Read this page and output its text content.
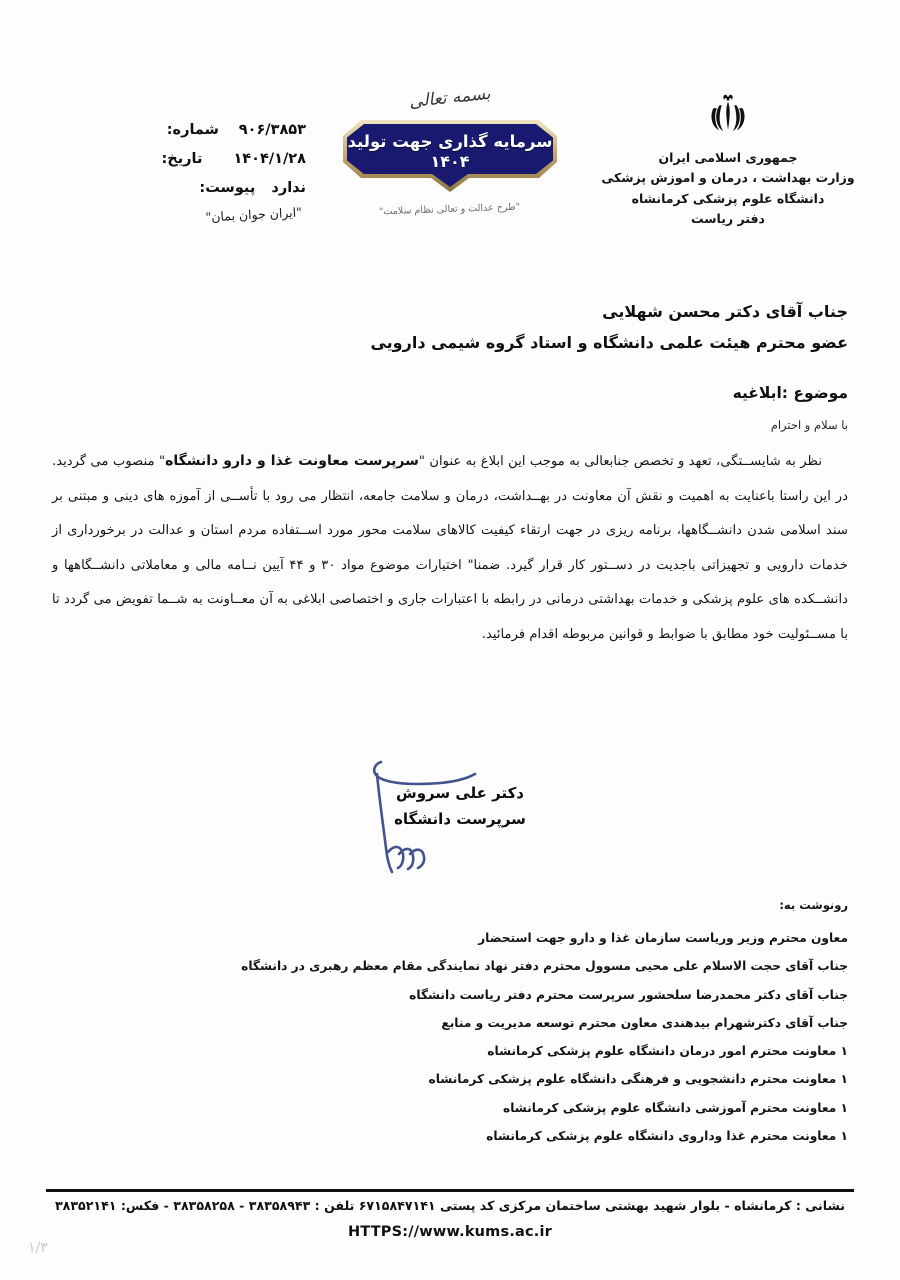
جمهوری اسلامی ایران
وزارت بهداشت ، درمان و اموزش پزشکی
دانشگاه علوم پزشکی کرمانشاه
دفتر ریاست
بسمه تعالی
سرمایه گذاری جهت تولید
۱۴۰۴
"طرح عدالت و تعالی نظام سلامت"
۹۰۶/۳۸۵۳
شماره:
۱۴۰۴/۱/۲۸
تاریخ:
ندارد
پیوست:
"ایران جوان بمان"
جناب آقای دکتر محسن شهلایی
عضو محترم هیئت علمی دانشگاه و استاد گروه شیمی دارویی
موضوع :ابلاغیه
با سلام و احترام
نظر به شایســتگی، تعهد و تخصص جنابعالی به موجب این ابلاغ به عنوان "سرپرست معاونت غذا و دارو دانشگاه" منصوب می گردید. در این راستا باعنایت به اهمیت و نقش آن معاونت در بهــداشت، درمان و سلامت جامعه، انتظار می رود با تأســی از آموزه های دینی و مبتنی بر سند اسلامی شدن دانشــگاهها، برنامه ریزی در جهت ارتقاء کیفیت کالاهای سلامت محور مورد اســتفاده مردم استان و عدالت در برخورداری از خدمات دارویی و تجهیزاتی باجدیت در دســتور کار قرار گیرد. ضمنا" اختیارات موضوع مواد ۳۰ و ۴۴ آیین نــامه مالی و معاملاتی دانشــگاهها و دانشــکده های علوم پزشکی و خدمات بهداشتی درمانی در رابطه با اعتبارات جاری و اختصاصی ابلاغی به آن معــاونت به شــما تفویض می گردد تا با مســئولیت خود مطابق با ضوابط و قوانین مربوطه اقدام فرمائید.
دکتر علی سروش
سرپرست دانشگاه
رونوشت به:
معاون محترم وزیر وریاست سازمان غذا و دارو جهت استحضار
جناب آقای حجت الاسلام علی محیی مسوول محترم دفتر نهاد نمایندگی مقام معظم رهبری در دانشگاه
جناب آقای دکتر محمدرضا سلحشور سرپرست محترم دفتر ریاست دانشگاه
جناب آقای دکترشهرام بیدهندی معاون محترم توسعه مدیریت و منابع
۱ معاونت محترم امور درمان دانشگاه علوم پزشکی کرمانشاه
۱ معاونت محترم دانشجویی و فرهنگی دانشگاه علوم پزشکی کرمانشاه
۱ معاونت محترم آموزشی دانشگاه علوم پزشکی کرمانشاه
۱ معاونت محترم غذا وداروی دانشگاه علوم پزشکی کرمانشاه
نشانی : کرمانشاه - بلوار شهید بهشتی ساختمان مرکزی کد پستی ۶۷۱۵۸۴۷۱۴۱ تلفن : ۳۸۳۵۸۹۴۳ - ۳۸۳۵۸۲۵۸ - فکس: ۳۸۳۵۲۱۴۱
HTTPS://www.kums.ac.ir
۱/۳
